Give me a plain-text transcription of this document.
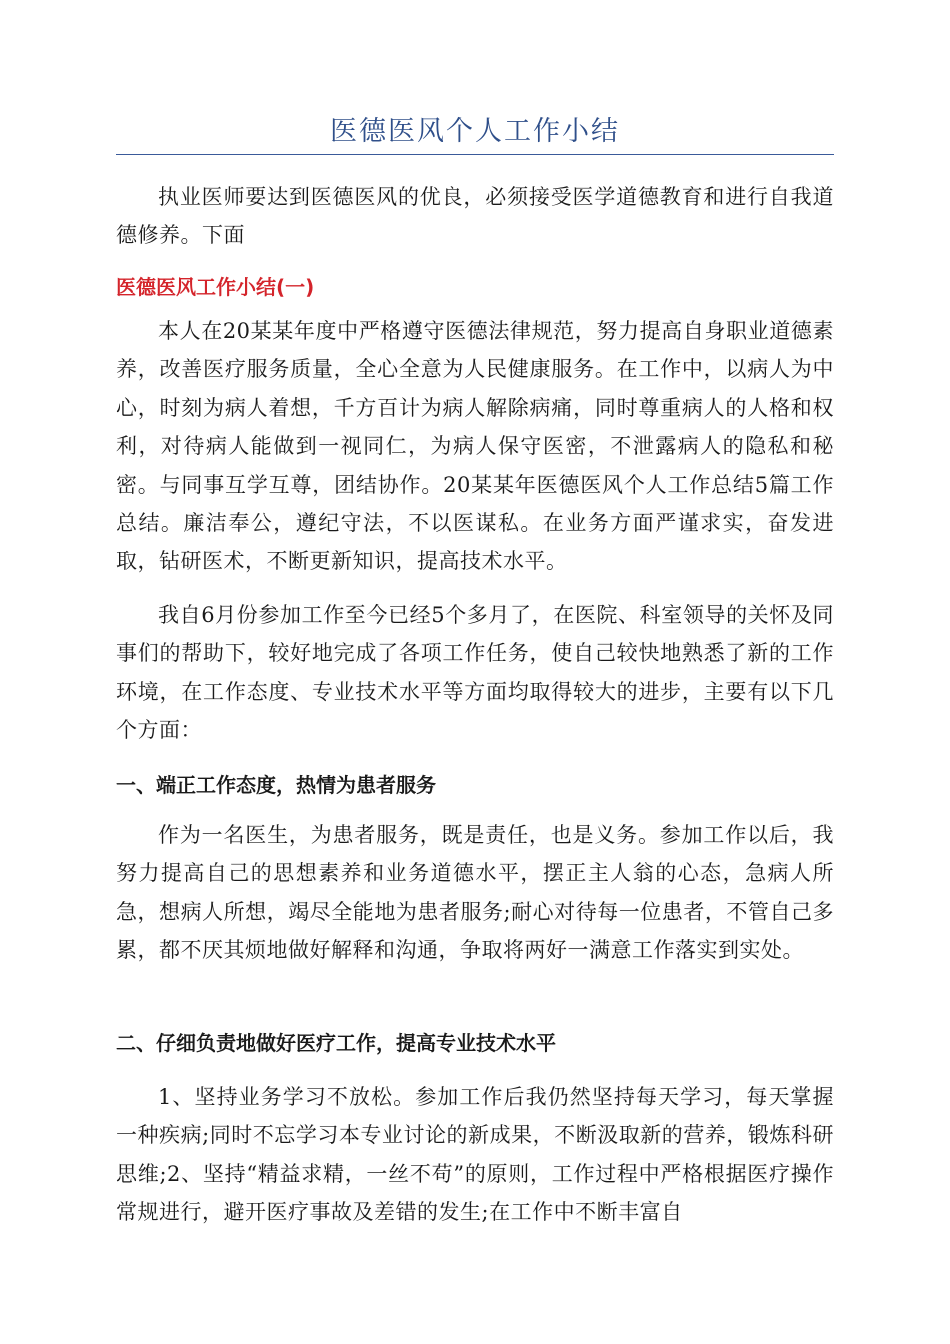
医德医风个人工作小结

执业医师要达到医德医风的优良，必须接受医学道德教育和进行自我道德修养。下面

医德医风工作小结(一)

本人在20某某年度中严格遵守医德法律规范，努力提高自身职业道德素养，改善医疗服务质量，全心全意为人民健康服务。在工作中，以病人为中心，时刻为病人着想，千方百计为病人解除病痛，同时尊重病人的人格和权利，对待病人能做到一视同仁，为病人保守医密，不泄露病人的隐私和秘密。与同事互学互尊，团结协作。20某某年医德医风个人工作总结5篇工作总结。廉洁奉公，遵纪守法，不以医谋私。在业务方面严谨求实，奋发进取，钻研医术，不断更新知识，提高技术水平。

我自6月份参加工作至今已经5个多月了，在医院、科室领导的关怀及同事们的帮助下，较好地完成了各项工作任务，使自己较快地熟悉了新的工作环境，在工作态度、专业技术水平等方面均取得较大的进步，主要有以下几个方面：

一、端正工作态度，热情为患者服务

作为一名医生，为患者服务，既是责任，也是义务。参加工作以后，我努力提高自己的思想素养和业务道德水平，摆正主人翁的心态，急病人所急，想病人所想，竭尽全能地为患者服务;耐心对待每一位患者，不管自己多累，都不厌其烦地做好解释和沟通，争取将两好一满意工作落实到实处。

二、仔细负责地做好医疗工作，提高专业技术水平

1、坚持业务学习不放松。参加工作后我仍然坚持每天学习，每天掌握一种疾病;同时不忘学习本专业讨论的新成果，不断汲取新的营养，锻炼科研思维;2、坚持“精益求精，一丝不苟”的原则，工作过程中严格根据医疗操作常规进行，避开医疗事故及差错的发生;在工作中不断丰富自
